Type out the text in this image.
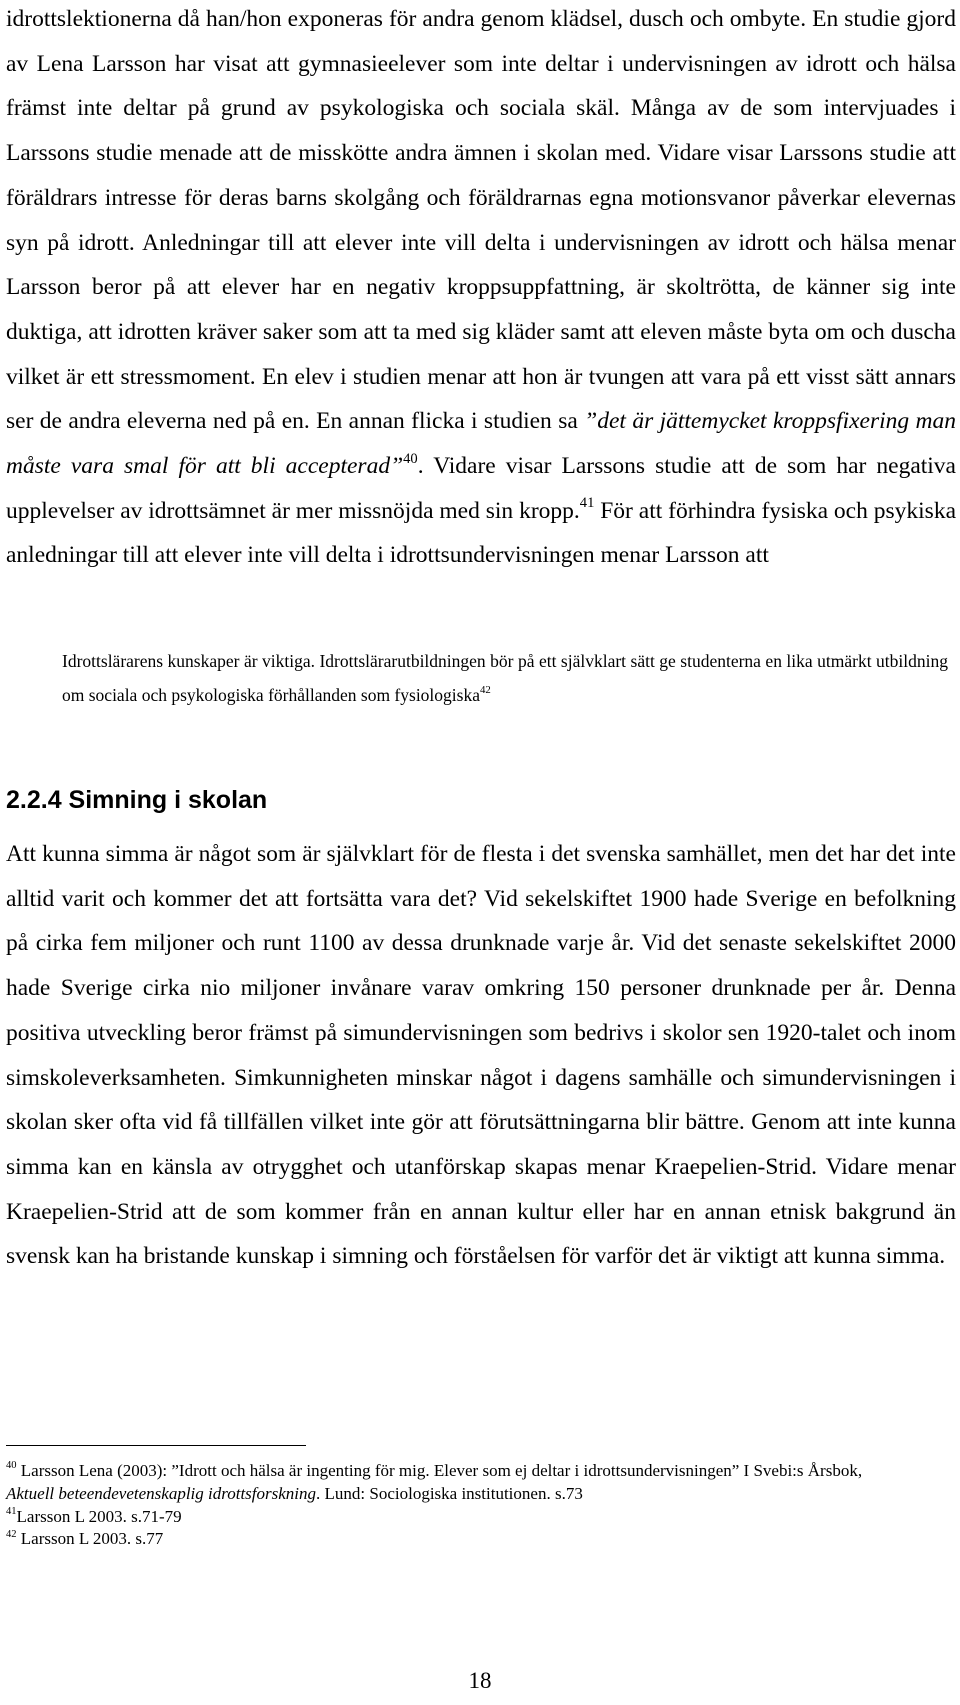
idrottslektionerna då han/hon exponeras för andra genom klädsel, dusch och ombyte. En studie gjord av Lena Larsson har visat att gymnasieelever som inte deltar i undervisningen av idrott och hälsa främst inte deltar på grund av psykologiska och sociala skäl. Många av de som intervjuades i Larssons studie menade att de misskötte andra ämnen i skolan med. Vidare visar Larssons studie att föräldrars intresse för deras barns skolgång och föräldrarnas egna motionsvanor påverkar elevernas syn på idrott. Anledningar till att elever inte vill delta i undervisningen av idrott och hälsa menar Larsson beror på att elever har en negativ kroppsuppfattning, är skoltrötta, de känner sig inte duktiga, att idrotten kräver saker som att ta med sig kläder samt att eleven måste byta om och duscha vilket är ett stressmoment. En elev i studien menar att hon är tvungen att vara på ett visst sätt annars ser de andra eleverna ned på en. En annan flicka i studien sa ”det är jättemycket kroppsfixering man måste vara smal för att bli accepterad”$^{40}$. Vidare visar Larssons studie att de som har negativa upplevelser av idrottsämnet är mer missnöjda med sin kropp.$^{41}$ För att förhindra fysiska och psykiska anledningar till att elever inte vill delta i idrottsundervisningen menar Larsson att

Idrottslärarens kunskaper är viktiga. Idrottslärarutbildningen bör på ett självklart sätt ge studenterna en lika utmärkt utbildning om sociala och psykologiska förhållanden som fysiologiska$^{42}$

2.2.4 Simning i skolan

Att kunna simma är något som är självklart för de flesta i det svenska samhället, men det har det inte alltid varit och kommer det att fortsätta vara det? Vid sekelskiftet 1900 hade Sverige en befolkning på cirka fem miljoner och runt 1100 av dessa drunknade varje år. Vid det senaste sekelskiftet 2000 hade Sverige cirka nio miljoner invånare varav omkring 150 personer drunknade per år. Denna positiva utveckling beror främst på simundervisningen som bedrivs i skolor sen 1920-talet och inom simskoleverksamheten. Simkunnigheten minskar något i dagens samhälle och simundervisningen i skolan sker ofta vid få tillfällen vilket inte gör att förutsättningarna blir bättre. Genom att inte kunna simma kan en känsla av otrygghet och utanförskap skapas menar Kraepelien-Strid. Vidare menar Kraepelien-Strid att de som kommer från en annan kultur eller har en annan etnisk bakgrund än svensk kan ha bristande kunskap i simning och förståelsen för varför det är viktigt att kunna simma.

$^{40}$ Larsson Lena (2003): ”Idrott och hälsa är ingenting för mig. Elever som ej deltar i idrottsundervisningen” I Svebi:s Årsbok, Aktuell beteendevetenskaplig idrottsforskning. Lund: Sociologiska institutionen. s.73

$^{41}$Larsson L 2003. s.71-79

$^{42}$ Larsson L 2003. s.77

18
